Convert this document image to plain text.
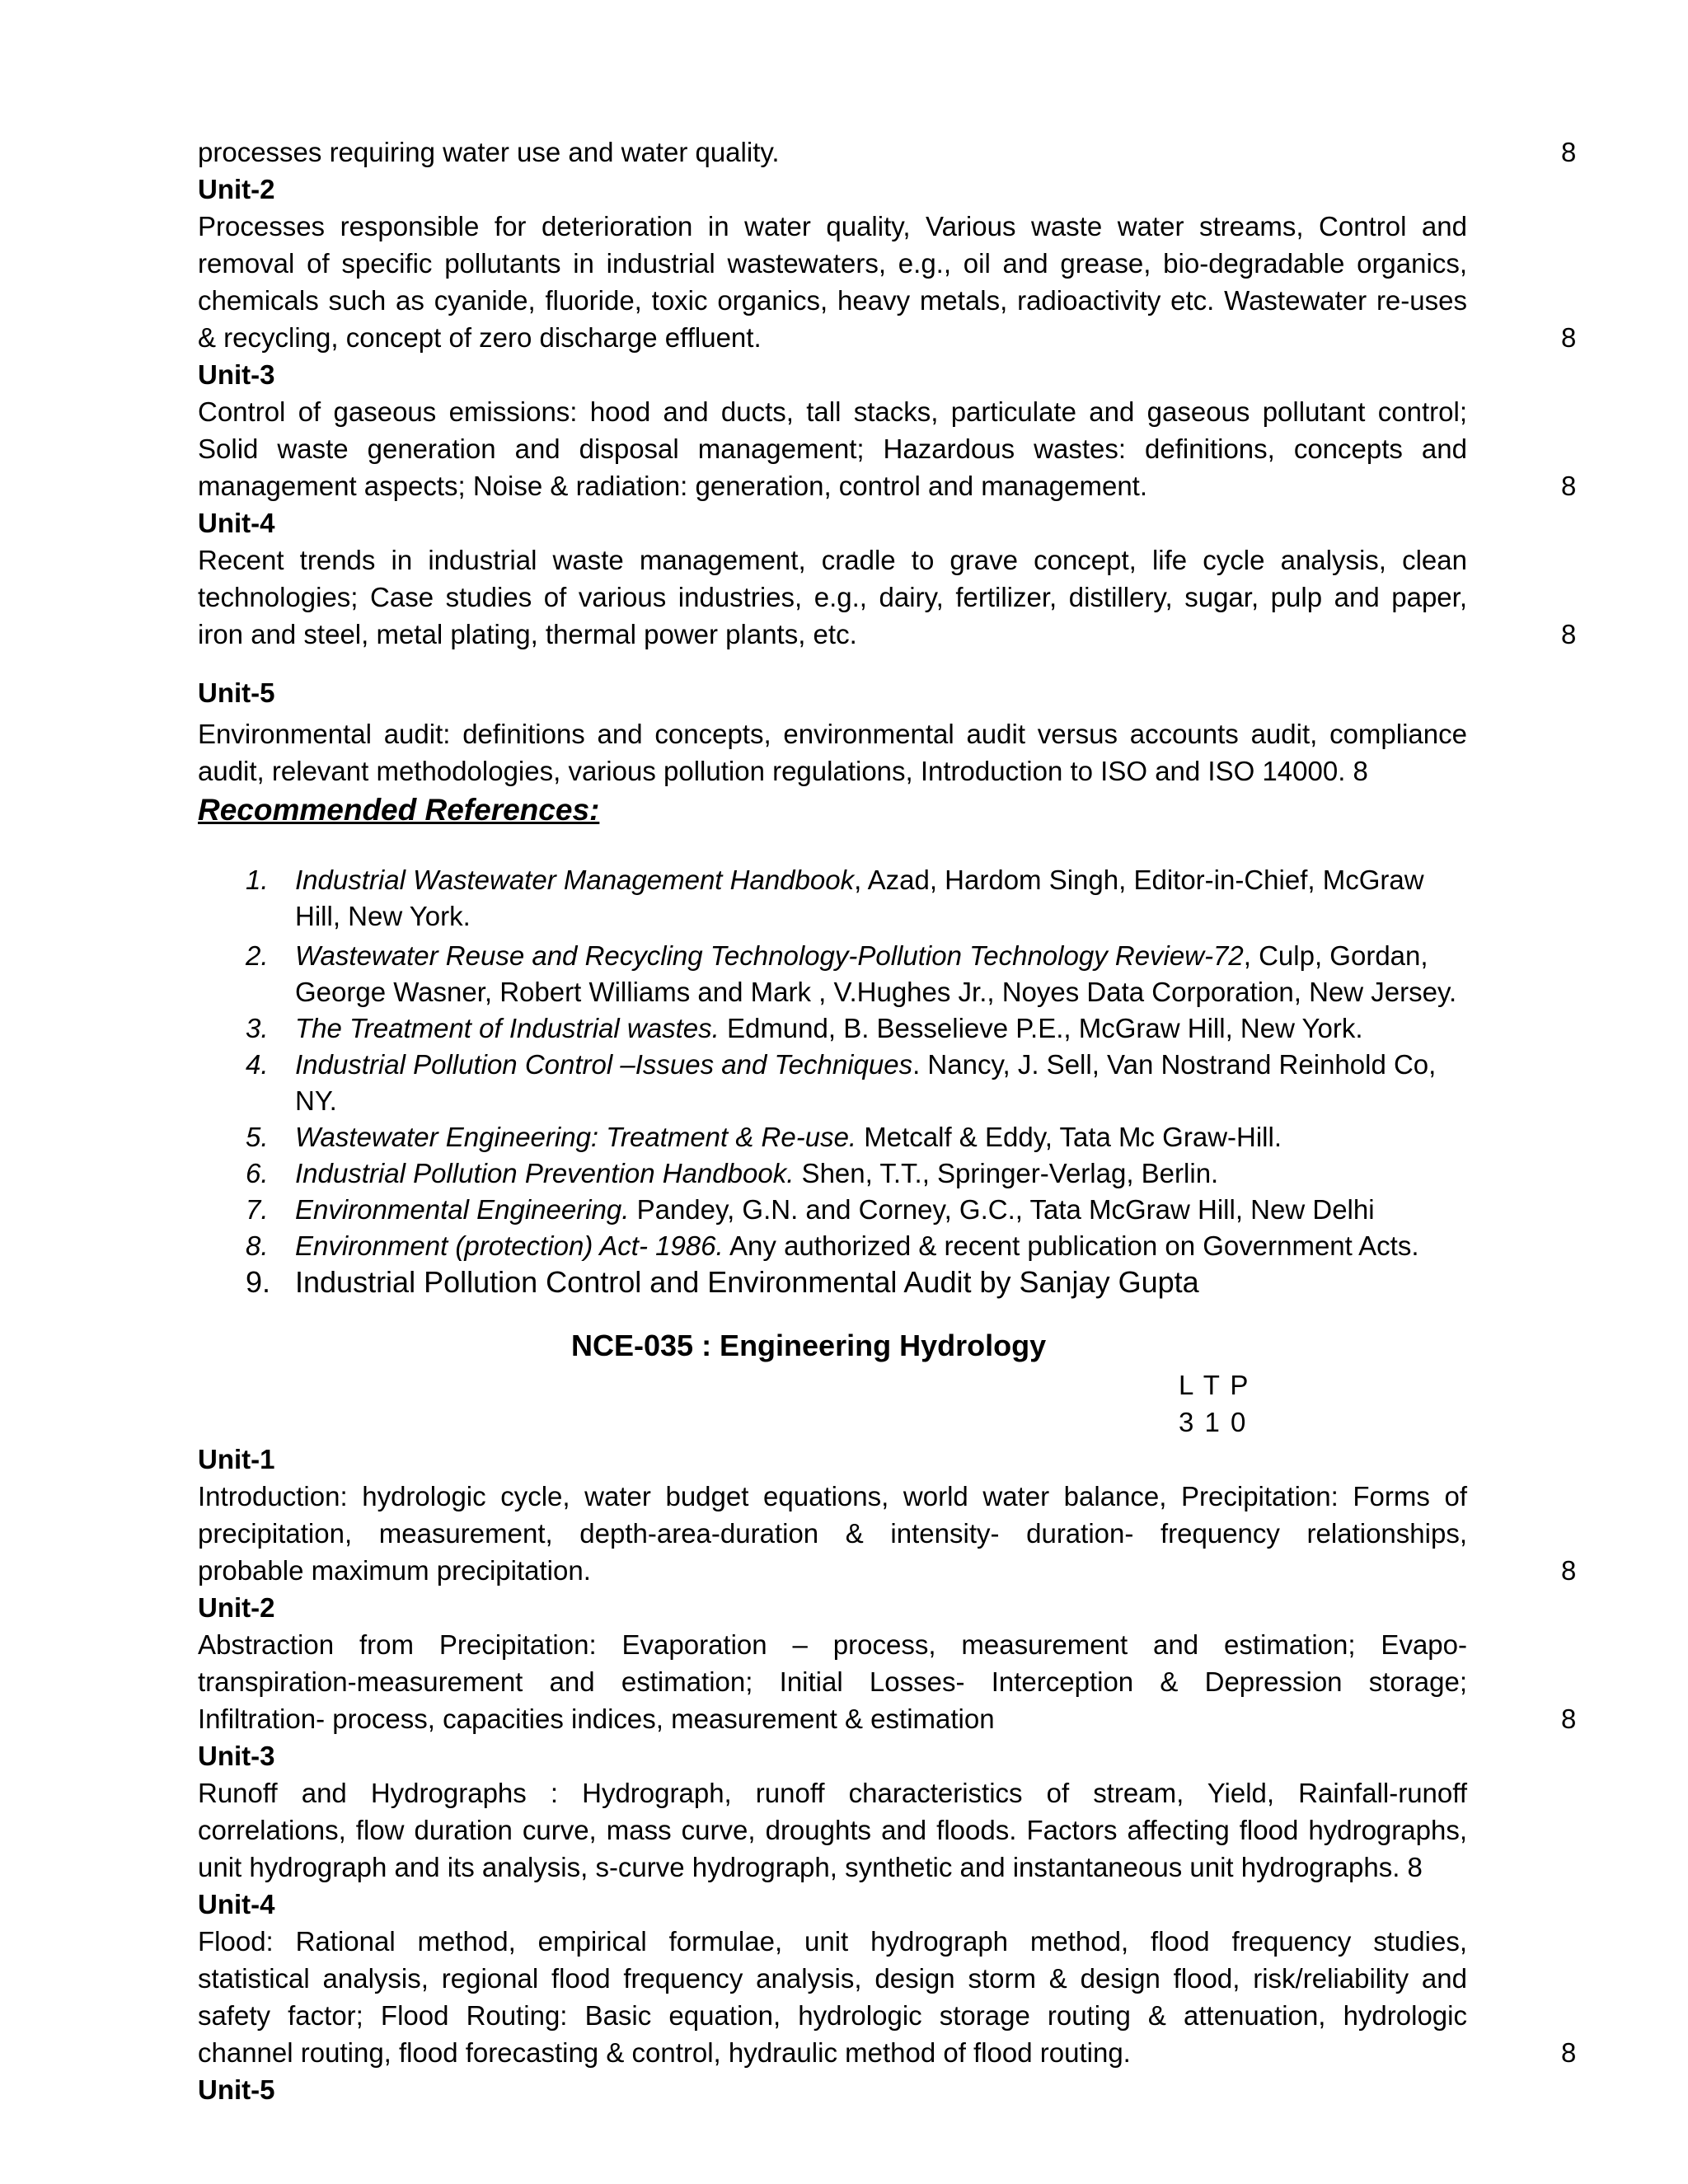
processes requiring water use and water quality.	8

Unit-2

Processes responsible for deterioration in water quality, Various waste water streams, Control and

removal of specific pollutants in industrial wastewaters, e.g., oil and grease, bio-degradable organics,

chemicals such as cyanide, fluoride, toxic organics, heavy metals, radioactivity etc. Wastewater re-uses

& recycling, concept of zero discharge effluent.	8

Unit-3

Control of gaseous emissions: hood and ducts, tall stacks, particulate and gaseous pollutant control;

Solid waste generation and disposal management; Hazardous wastes: definitions, concepts and

management aspects; Noise & radiation: generation, control and management.	8

Unit-4

Recent trends in industrial waste management, cradle to grave concept, life cycle analysis, clean

technologies; Case studies of various industries, e.g., dairy, fertilizer, distillery, sugar, pulp and paper,

iron and steel, metal plating, thermal power plants, etc.	8

Unit-5

Environmental audit: definitions and concepts, environmental audit versus accounts audit, compliance

audit, relevant methodologies, various pollution regulations, Introduction to ISO and ISO 14000. 8

Recommended References:

1. Industrial Wastewater Management Handbook, Azad, Hardom Singh, Editor-in-Chief, McGraw
Hill, New York.
2. Wastewater Reuse and Recycling Technology-Pollution Technology Review-72, Culp, Gordan,
George Wasner, Robert Williams and Mark , V.Hughes Jr., Noyes Data Corporation, New Jersey.
3. The Treatment of Industrial wastes. Edmund, B. Besselieve P.E., McGraw Hill, New York.
4. Industrial Pollution Control –Issues and Techniques. Nancy, J. Sell, Van Nostrand Reinhold Co, NY.
5. Wastewater Engineering: Treatment & Re-use. Metcalf & Eddy, Tata Mc Graw-Hill.
6. Industrial Pollution Prevention Handbook. Shen, T.T., Springer-Verlag, Berlin.
7. Environmental Engineering. Pandey, G.N. and Corney, G.C., Tata McGraw Hill, New Delhi
8. Environment (protection) Act- 1986. Any authorized & recent publication on Government Acts.
9. Industrial Pollution Control and Environmental Audit by Sanjay Gupta

NCE-035 : Engineering Hydrology

L T P

3 1 0

Unit-1

Introduction: hydrologic cycle, water budget equations, world water balance, Precipitation: Forms of

precipitation, measurement, depth-area-duration & intensity- duration- frequency relationships,

probable maximum precipitation.	8

Unit-2

Abstraction from Precipitation: Evaporation – process, measurement and estimation; Evapo-

transpiration-measurement and estimation; Initial Losses- Interception & Depression storage;

Infiltration- process, capacities indices, measurement & estimation	8

Unit-3

Runoff and Hydrographs : Hydrograph, runoff characteristics of stream, Yield, Rainfall-runoff

correlations, flow duration curve, mass curve, droughts and floods. Factors affecting flood hydrographs,

unit hydrograph and its analysis, s-curve hydrograph, synthetic and instantaneous unit hydrographs. 8

Unit-4

Flood: Rational method, empirical formulae, unit hydrograph method, flood frequency studies,

statistical analysis, regional flood frequency analysis, design storm & design flood, risk/reliability and

safety factor; Flood Routing: Basic equation, hydrologic storage routing & attenuation, hydrologic

channel routing, flood forecasting & control, hydraulic method of flood routing.	8

Unit-5
